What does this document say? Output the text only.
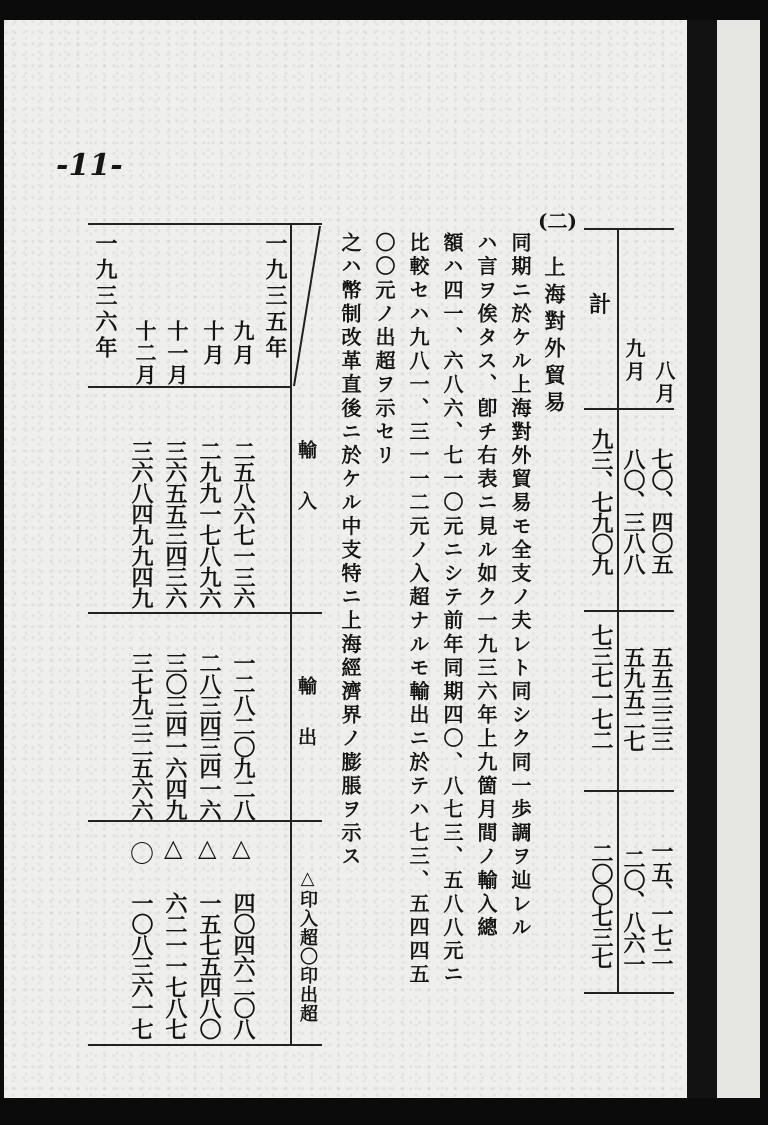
-11-
輸入
輸出
△印入超〇印出超
一九三五年
一九三六年	九月
十月
十一月
十二月
二五八六七一三六
二九九一七八九六
三六五五三四三六
三六八四九九四九
一二八二〇九二八
二八三四三四一六
三〇三四一六四九
三七九三二五六六
△
△
△
〇
四〇四六二〇八
一五七五四八〇
六二一一七八七
一〇八三六一七
(二)
上海對外貿易
同期ニ於ケル上海對外貿易モ全支ノ夫レト同シク同一歩調ヲ辿レル
ハ言ヲ俟タス、卽チ右表ニ見ル如ク一九三六年上九箇月間ノ輸入總
額ハ四一、六八六、七一〇元ニシテ前年同期四〇、八七三、五八八元ニ
比較セハ九八一、三一一二元ノ入超ナルモ輸出ニ於テハ七三、五四四五
〇〇元ノ出超ヲ示セリ
之ハ幣制改革直後ニ於ケル中支特ニ上海經濟界ノ膨脹ヲ示ス	計
八月
九月
七〇、四〇五
八〇、三八八
九三、七九〇九
五五三三三
五九五二七
七三七一七二
一五、一七二
二〇、八六一
二〇〇七三七
